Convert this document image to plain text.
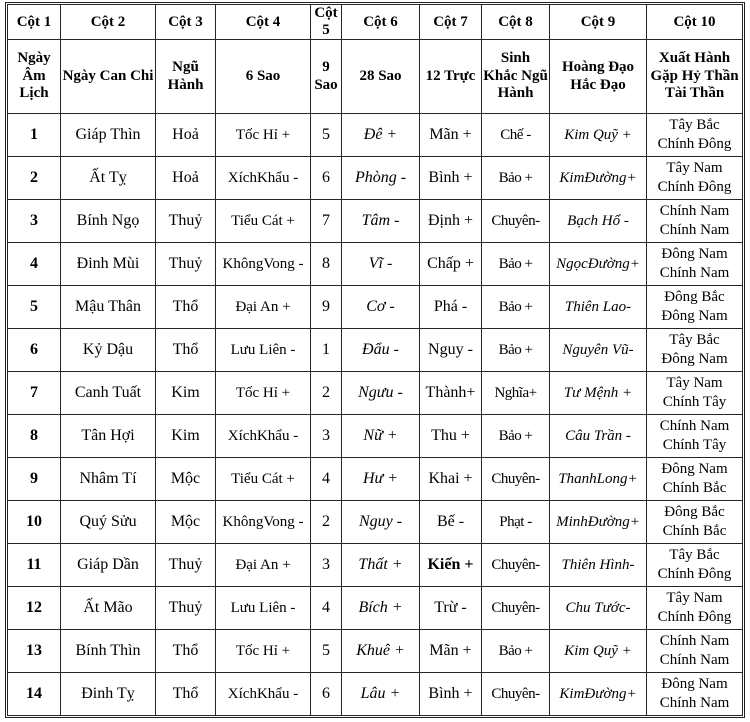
Cột 1	Cột 2	Cột 3	Cột 4	Cột 5	Cột 6	Cột 7	Cột 8	Cột 9	Cột 10
Ngày Âm Lịch	Ngày Can Chi	Ngũ Hành	6 Sao	9 Sao	28 Sao	12 Trực	Sinh Khắc Ngũ Hành	Hoàng Đạo Hắc Đạo	Xuất Hành Gặp Hỷ Thần Tài Thần
1	Giáp Thìn	Hoả	Tốc Hỉ +	5	Đê +	Mãn +	Chế -	Kim Quỹ +	Tây Bắc
Chính Đông

2	Ất Tỵ	Hoả	XíchKhẩu -	6	Phòng -	Bình +	Bảo +	KimĐường+	Tây Nam
Chính Đông

3	Bính Ngọ	Thuỷ	Tiểu Cát +	7	Tâm -	Định +	Chuyên-	Bạch Hổ -	Chính Nam
Chính Nam

4	Đinh Mùi	Thuỷ	KhôngVong -	8	Vĩ -	Chấp +	Bảo +	NgọcĐường+	Đông Nam
Chính Nam

5	Mậu Thân	Thổ	Đại An +	9	Cơ -	Phá -	Bảo +	Thiên Lao-	Đông Bắc
Đông Nam

6	Kỷ Dậu	Thổ	Lưu Liên -	1	Đẩu -	Nguy -	Bảo +	Nguyên Vũ-	Tây Bắc
Đông Nam

7	Canh Tuất	Kim	Tốc Hỉ +	2	Ngưu -	Thành+	Nghĩa+	Tư Mệnh +	Tây Nam
Chính Tây

8	Tân Hợi	Kim	XíchKhẩu -	3	Nữ +	Thu +	Bảo +	Câu Trần -	Chính Nam
Chính Tây

9	Nhâm Tí	Mộc	Tiểu Cát +	4	Hư +	Khai +	Chuyên-	ThanhLong+	Đông Nam
Chính Bắc

10	Quý Sửu	Mộc	KhôngVong -	2	Nguy -	Bế -	Phạt -	MinhĐường+	Đông Bắc
Chính Bắc

11	Giáp Dần	Thuỷ	Đại An +	3	Thất +	Kiến +	Chuyên-	Thiên Hình-	Tây Bắc
Chính Đông

12	Ất Mão	Thuỷ	Lưu Liên -	4	Bích +	Trừ -	Chuyên-	Chu Tước-	Tây Nam
Chính Đông

13	Bính Thìn	Thổ	Tốc Hỉ +	5	Khuê +	Mãn +	Bảo +	Kim Quỹ +	Chính Nam
Chính Nam

14	Đinh Tỵ	Thổ	XíchKhẩu -	6	Lâu +	Bình +	Chuyên-	KimĐường+	Đông Nam
Chính Nam
